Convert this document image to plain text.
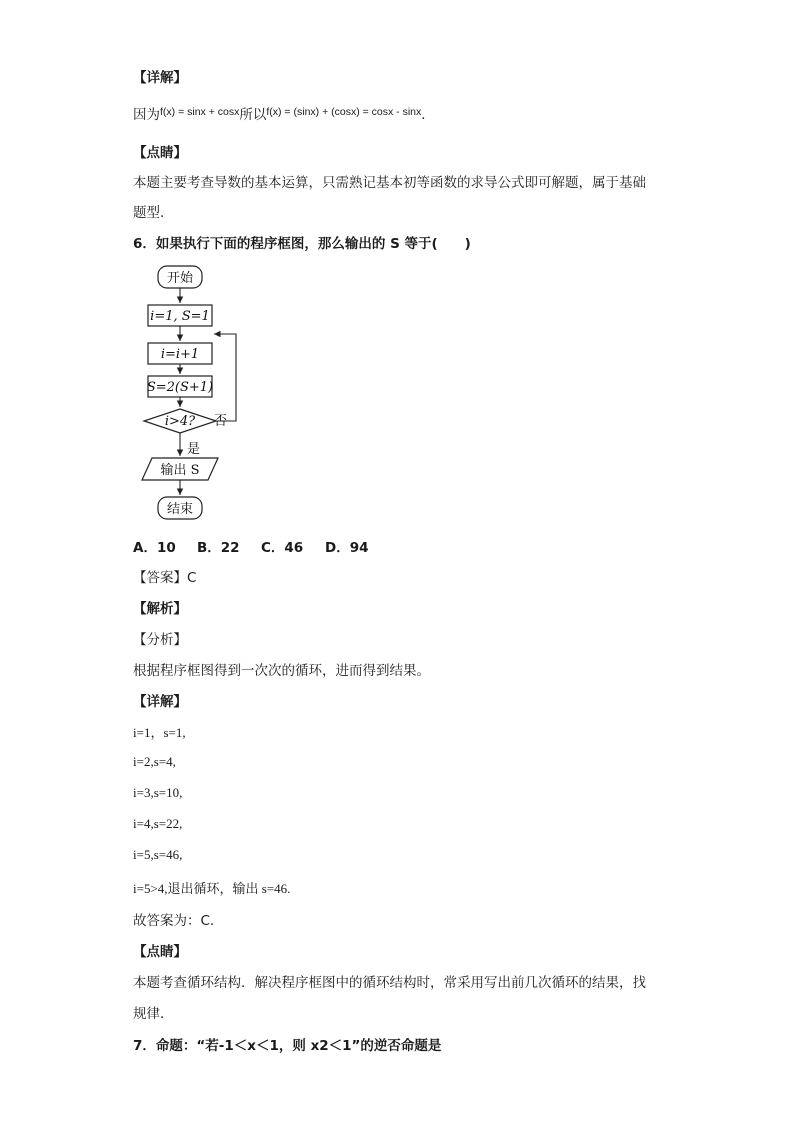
【详解】
因为$^{f(x) = sinx + cosx}$所以$^{f(x) = (sinx) + (cosx) = cosx - sinx}$.
【点睛】
本题主要考查导数的基本运算，只需熟记基本初等函数的求导公式即可解题，属于基础
题型.
6．如果执行下面的程序框图，那么输出的 S 等于(　　)
开始
i=1, S=1
i=i+1
S=2(S+1)
i>4? 否
是
输出 S
结束
A．10 B．22 C．46 D．94
【答案】C
【解析】
【分析】
根据程序框图得到一次次的循环，进而得到结果。
【详解】
i=1，s=1,
i=2,s=4,
i=3,s=10,
i=4,s=22,
i=5,s=46,
i=5>4,退出循环，输出 s=46.
故答案为：C.
【点睛】
本题考查循环结构．解决程序框图中的循环结构时，常采用写出前几次循环的结果，找
规律．
7．命题：“若-1＜x＜1，则 x2＜1”的逆否命题是
